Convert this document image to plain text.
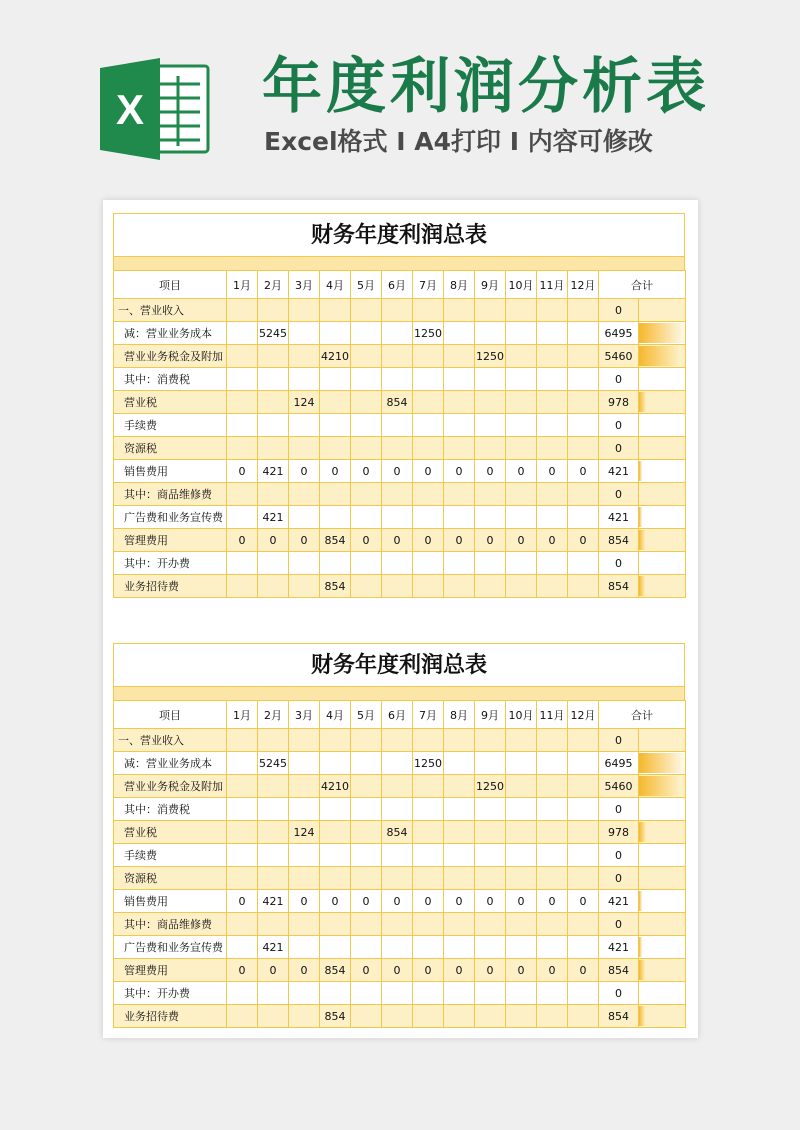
X 年度利润分析表
Excel格式 I A4打印 I 内容可修改
财务年度利润总表
项目	1月	2月	3月	4月	5月	6月	7月	8月	9月	10月	11月	12月	合计	
一、营业收入													0	
减：营业业务成本		5245					1250						6495	

营业业务税金及附加				4210					1250				5460	

其中：消费税													0	
营业税			124			854							978	

手续费													0	
资源税													0	
销售费用	0	421	0	0	0	0	0	0	0	0	0	0	421	

其中：商品维修费													0	
广告费和业务宣传费		421											421	

管理费用	0	0	0	854	0	0	0	0	0	0	0	0	854	

其中：开办费													0	
业务招待费				854									854	
财务年度利润总表
项目	1月	2月	3月	4月	5月	6月	7月	8月	9月	10月	11月	12月	合计	
一、营业收入													0	
减：营业业务成本		5245					1250						6495	

营业业务税金及附加				4210					1250				5460	

其中：消费税													0	
营业税			124			854							978	

手续费													0	
资源税													0	
销售费用	0	421	0	0	0	0	0	0	0	0	0	0	421	

其中：商品维修费													0	
广告费和业务宣传费		421											421	

管理费用	0	0	0	854	0	0	0	0	0	0	0	0	854	

其中：开办费													0	
业务招待费				854									854	
